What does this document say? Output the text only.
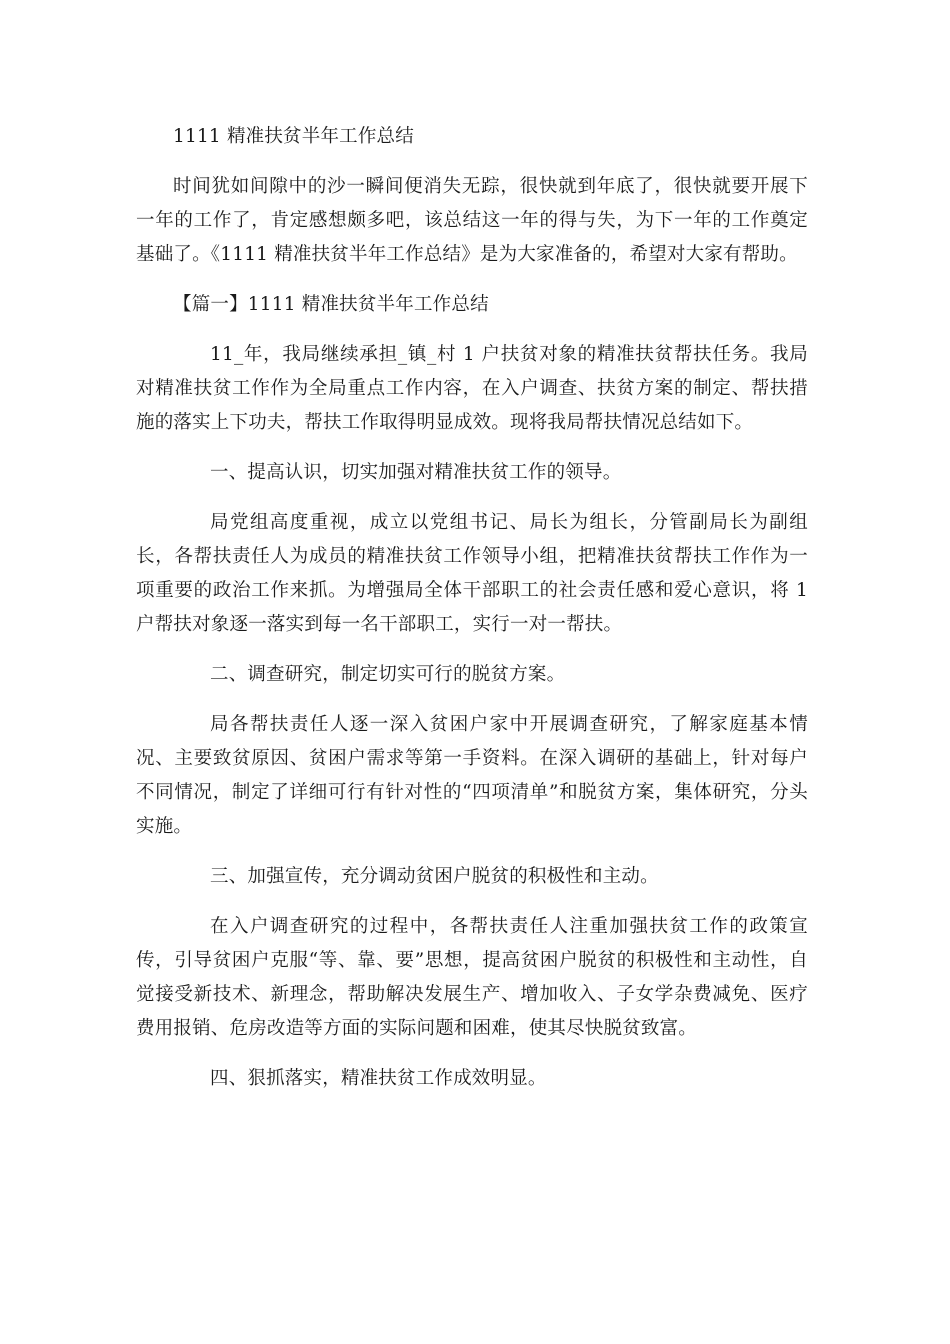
1111 精准扶贫半年工作总结

时间犹如间隙中的沙一瞬间便消失无踪，很快就到年底了，很快就要开展下一年的工作了，肯定感想颇多吧，该总结这一年的得与失，为下一年的工作奠定基础了。《1111 精准扶贫半年工作总结》是为大家准备的，希望对大家有帮助。

【篇一】1111 精准扶贫半年工作总结

11_年，我局继续承担_镇_村 1 户扶贫对象的精准扶贫帮扶任务。我局对精准扶贫工作作为全局重点工作内容，在入户调查、扶贫方案的制定、帮扶措施的落实上下功夫，帮扶工作取得明显成效。现将我局帮扶情况总结如下。

一、提高认识，切实加强对精准扶贫工作的领导。

局党组高度重视，成立以党组书记、局长为组长，分管副局长为副组长，各帮扶责任人为成员的精准扶贫工作领导小组，把精准扶贫帮扶工作作为一项重要的政治工作来抓。为增强局全体干部职工的社会责任感和爱心意识，将 1 户帮扶对象逐一落实到每一名干部职工，实行一对一帮扶。

二、调查研究，制定切实可行的脱贫方案。

局各帮扶责任人逐一深入贫困户家中开展调查研究，了解家庭基本情况、主要致贫原因、贫困户需求等第一手资料。在深入调研的基础上，针对每户不同情况，制定了详细可行有针对性的“四项清单”和脱贫方案，集体研究，分头实施。

三、加强宣传，充分调动贫困户脱贫的积极性和主动。

在入户调查研究的过程中，各帮扶责任人注重加强扶贫工作的政策宣传，引导贫困户克服“等、靠、要”思想，提高贫困户脱贫的积极性和主动性，自觉接受新技术、新理念，帮助解决发展生产、增加收入、子女学杂费减免、医疗费用报销、危房改造等方面的实际问题和困难，使其尽快脱贫致富。

四、狠抓落实，精准扶贫工作成效明显。
